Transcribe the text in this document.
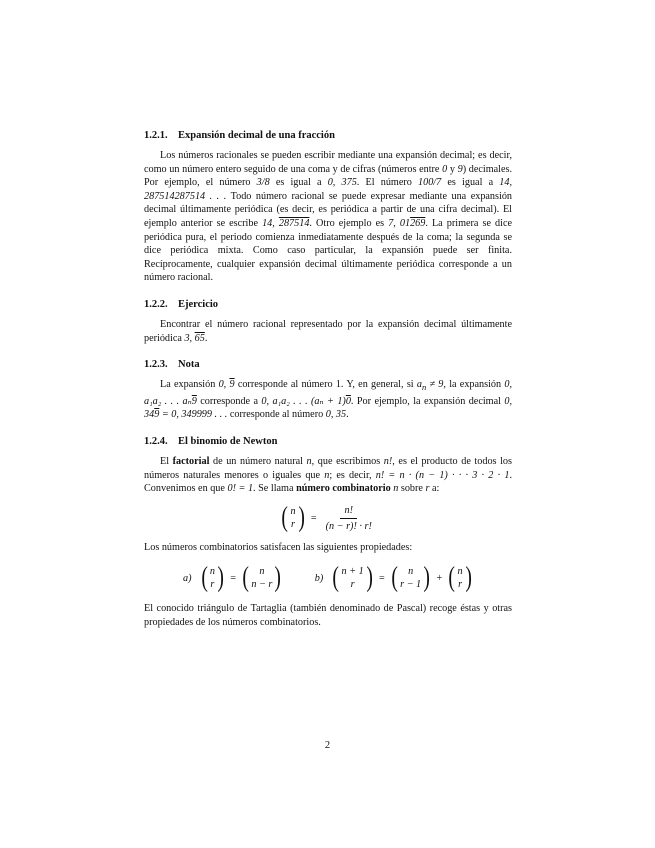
1.2.1. Expansión decimal de una fracción

Los números racionales se pueden escribir mediante una expansión decimal; es decir, como un número entero seguido de una coma y de cifras (números entre 0 y 9) decimales. Por ejemplo, el número 3/8 es igual a 0, 375. El número 100/7 es igual a 14, 287514287514 . . . Todo número racional se puede expresar mediante una expansión decimal últimamente periódica (es decir, es periódica a partir de una cifra decimal). El ejemplo anterior se escribe 14, 287514. Otro ejemplo es 7, 01269. La primera se dice periódica pura, el periodo comienza inmediatamente después de la coma; la segunda se dice periódica mixta. Como caso particular, la expansión puede ser finita. Recíprocamente, cualquier expansión decimal últimamente periódica corresponde a un número racional.

1.2.2. Ejercicio

Encontrar el número racional representado por la expansión decimal últimamente periódica 3, 65.

1.2.3. Nota

La expansión 0, 9 corresponde al número 1. Y, en general, si $a_n \ne 9$, la expansión 0, a₁a₂ . . . aₙ9 corresponde a 0, a₁a₂ . . . (aₙ + 1)0. Por ejemplo, la expansión decimal 0, 349 = 0, 349999 . . . corresponde al número 0, 35.

1.2.4. El binomio de Newton

El factorial de un número natural n, que escribimos n!, es el producto de todos los números naturales menores o iguales que n; es decir, n! = n · (n − 1) · · · 3 · 2 · 1. Convenimos en que 0! = 1. Se llama número combinatorio n sobre r a:

( n
r ) = $\frac{n!}{(n - r)! \cdot r!}$

Los números combinatorios satisfacen las siguientes propiedades:

a) ( n
r ) = ( n
n − r )	b) ( n + 1
r ) = ( n
r − 1 ) + ( n
r )

El conocido triángulo de Tartaglia (también denominado de Pascal) recoge éstas y otras propiedades de los números combinatorios.

2
